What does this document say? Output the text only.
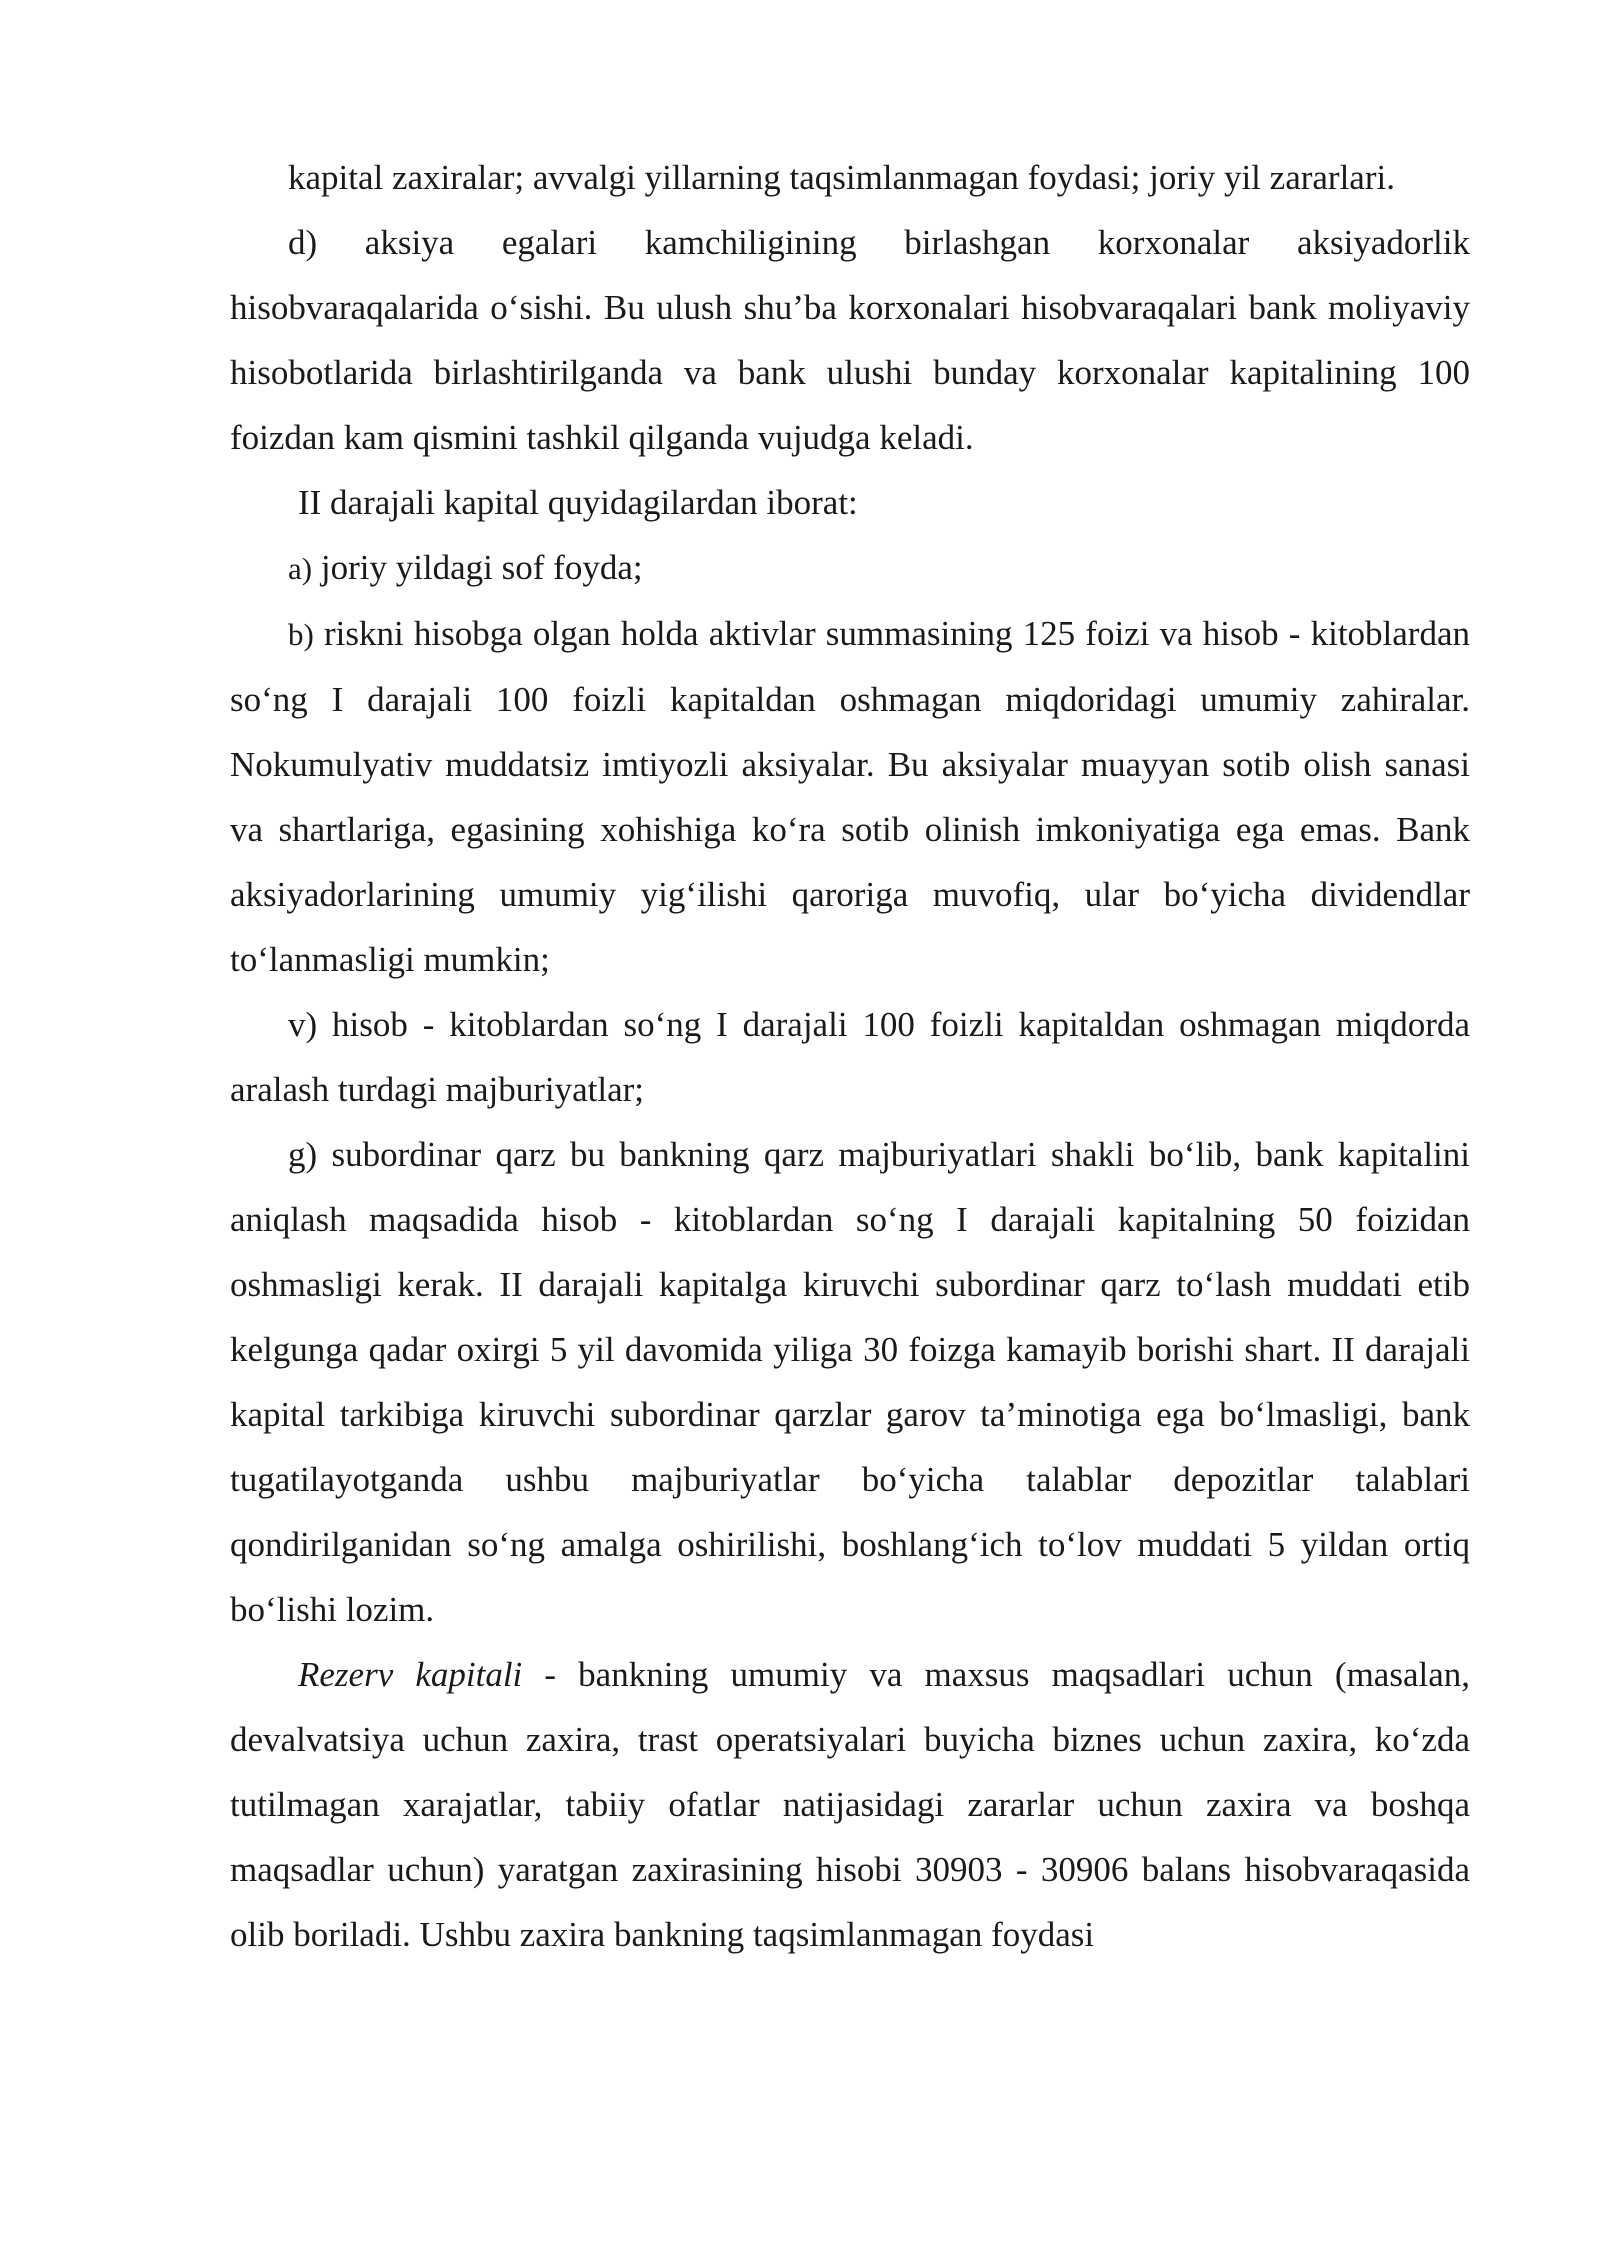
kapital zaxiralar; avvalgi yillarning taqsimlanmagan foydasi; joriy yil zararlari.

d) aksiya egalari kamchiligining birlashgan korxonalar aksiyadorlik hisobvaraqalarida o‘sishi. Bu ulush shu’ba korxonalari hisobvaraqalari bank moliyaviy hisobotlarida birlashtirilganda va bank ulushi bunday korxonalar kapitalining 100 foizdan kam qismini tashkil qilganda vujudga keladi.

II darajali kapital quyidagilardan iborat:

a) joriy yildagi sof foyda;

b) riskni hisobga olgan holda aktivlar summasining 125 foizi va hisob - kitoblardan so‘ng I darajali 100 foizli kapitaldan oshmagan miqdoridagi umumiy zahiralar. Nokumulyativ muddatsiz imtiyozli aksiyalar. Bu aksiyalar muayyan sotib olish sanasi va shartlariga, egasining xohishiga ko‘ra sotib olinish imkoniyatiga ega emas. Bank aksiyadorlarining umumiy yig‘ilishi qaroriga muvofiq, ular bo‘yicha dividendlar to‘lanmasligi mumkin;

v) hisob - kitoblardan so‘ng I darajali 100 foizli kapitaldan oshmagan miqdorda aralash turdagi majburiyatlar;

g) subordinar qarz bu bankning qarz majburiyatlari shakli bo‘lib, bank kapitalini aniqlash maqsadida hisob - kitoblardan so‘ng I darajali kapitalning 50 foizidan oshmasligi kerak. II darajali kapitalga kiruvchi subordinar qarz to‘lash muddati etib kelgunga qadar oxirgi 5 yil davomida yiliga 30 foizga kamayib borishi shart. II darajali kapital tarkibiga kiruvchi subordinar qarzlar garov ta’minotiga ega bo‘lmasligi, bank tugatilayotganda ushbu majburiyatlar bo‘yicha talablar depozitlar talablari qondirilganidan so‘ng amalga oshirilishi, boshlang‘ich to‘lov muddati 5 yildan ortiq bo‘lishi lozim.

Rezerv kapitali - bankning umumiy va maxsus maqsadlari uchun (masalan, devalvatsiya uchun zaxira, trast operatsiyalari buyicha biznes uchun zaxira, ko‘zda tutilmagan xarajatlar, tabiiy ofatlar natijasidagi zararlar uchun zaxira va boshqa maqsadlar uchun) yaratgan zaxirasining hisobi 30903 - 30906 balans hisobvaraqasida olib boriladi. Ushbu zaxira bankning taqsimlanmagan foydasi
